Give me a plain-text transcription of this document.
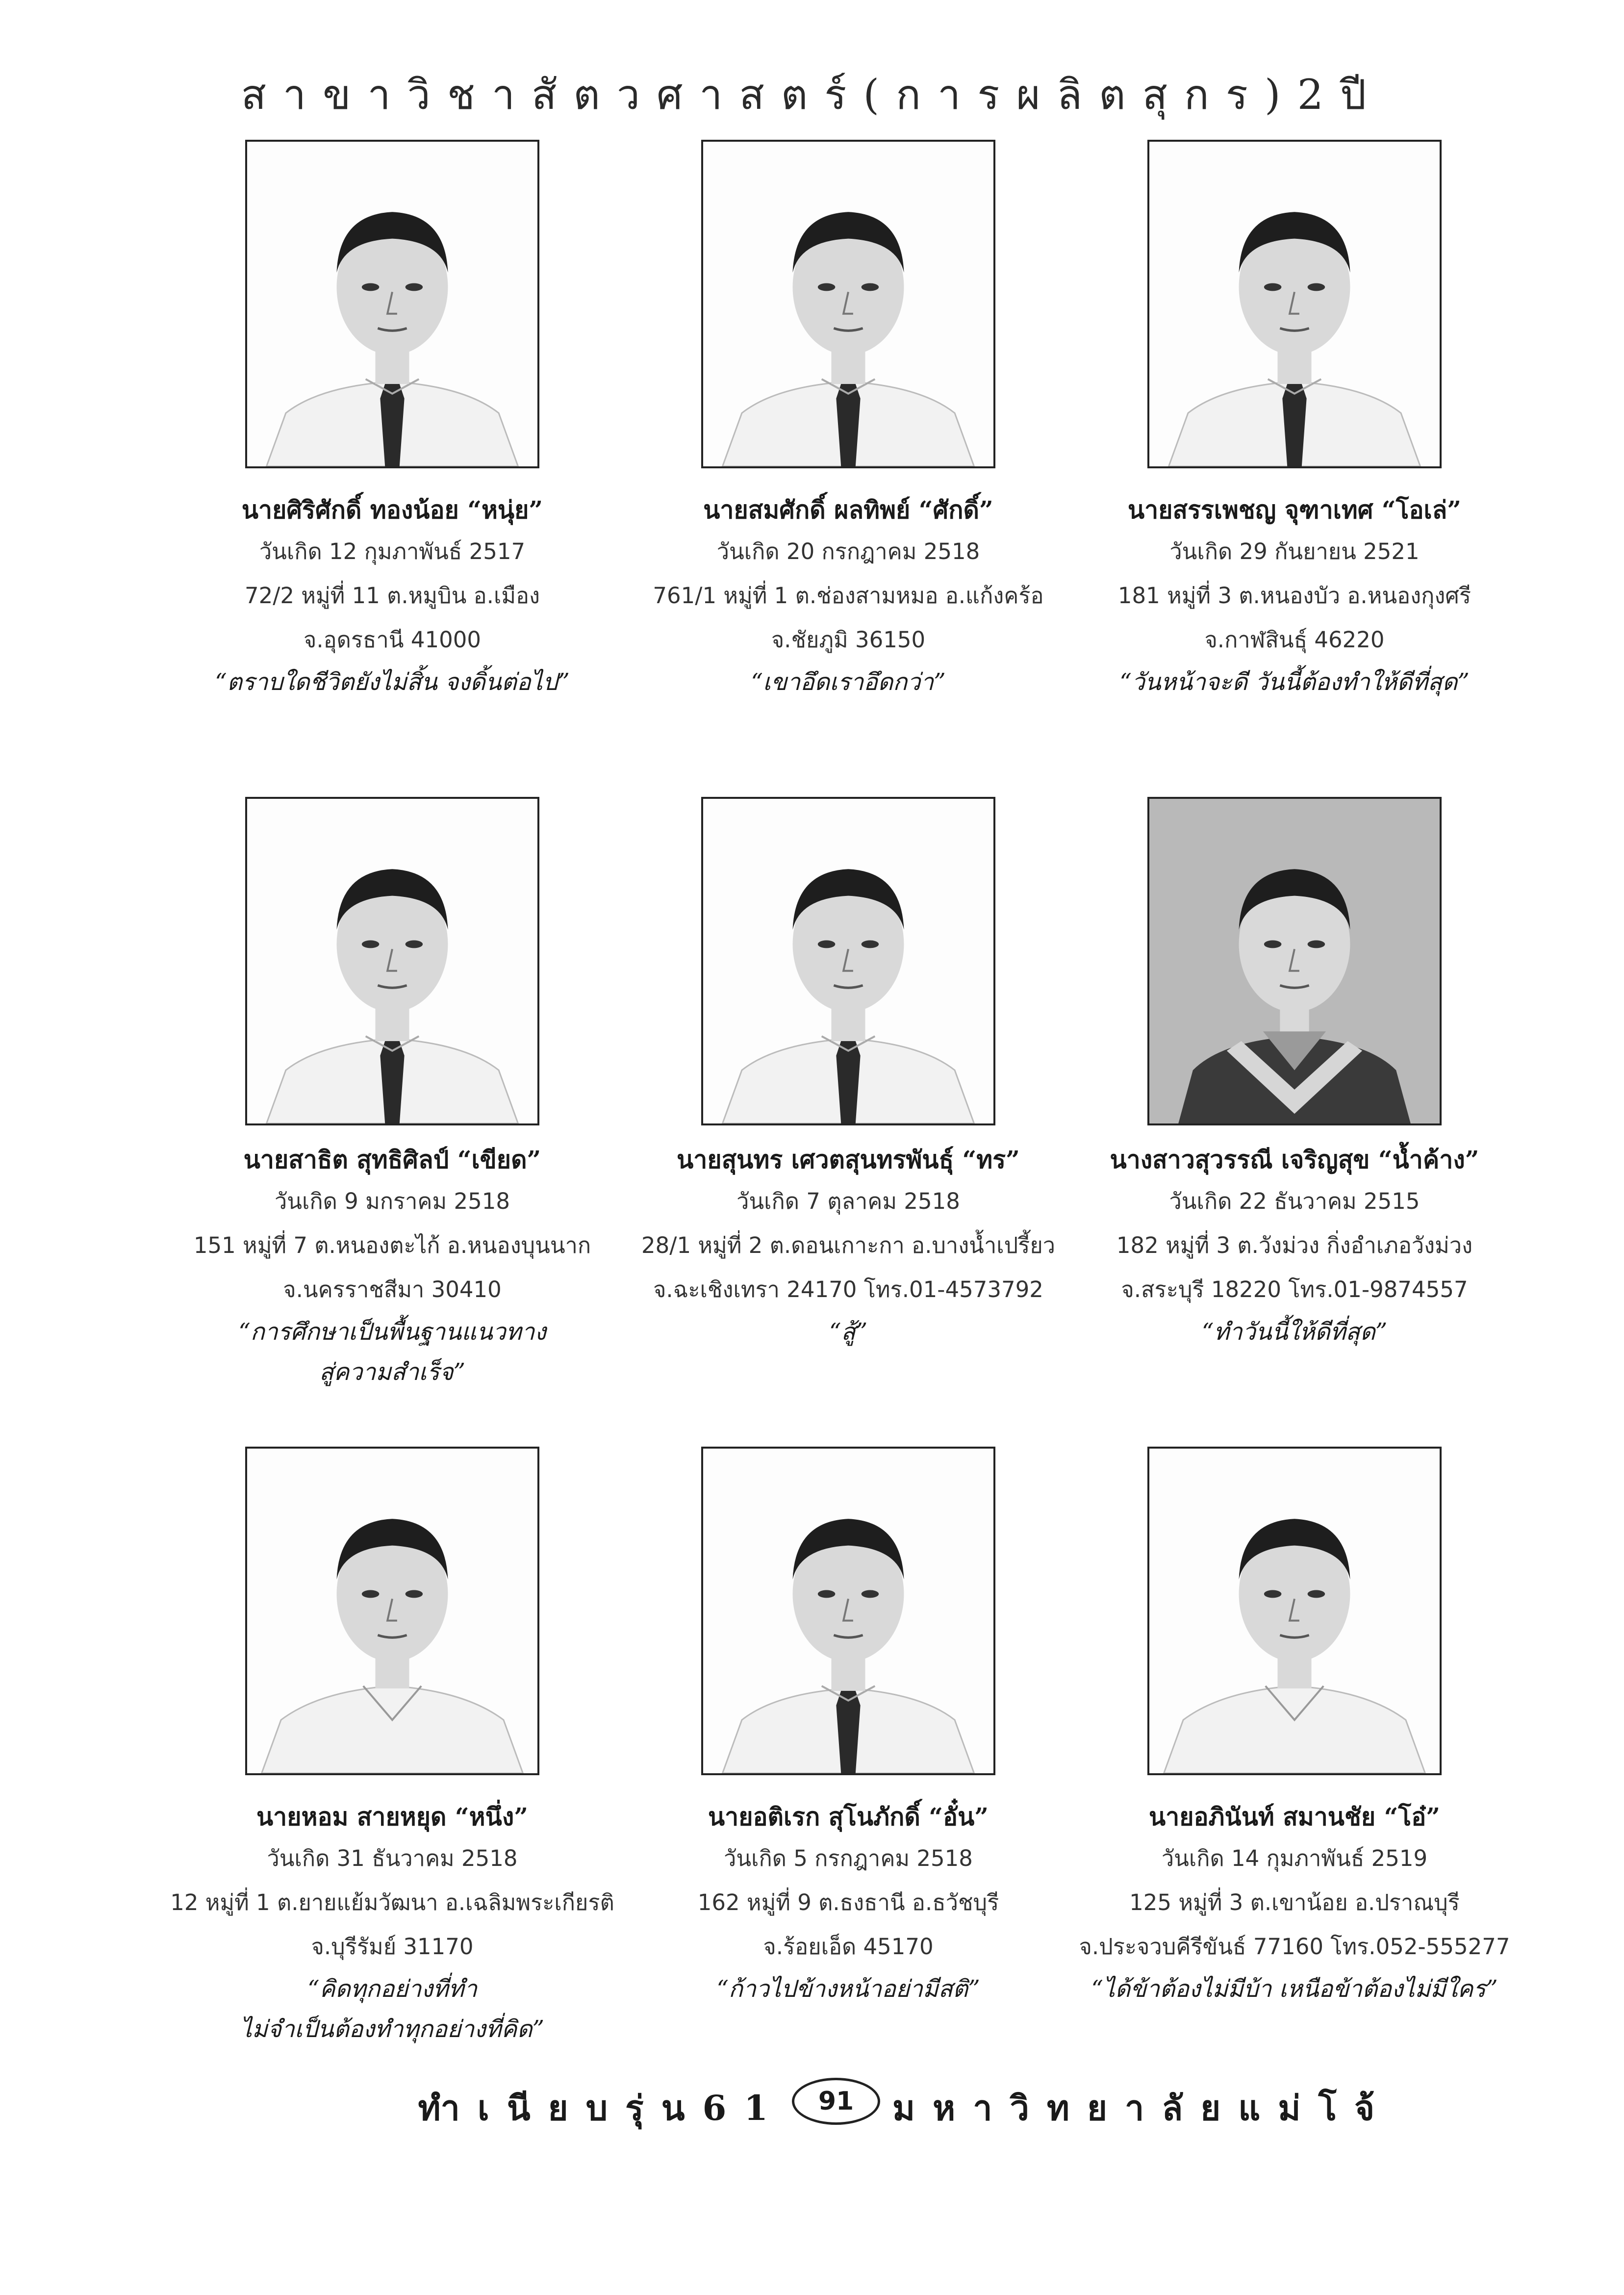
สาขาวิชาสัตวศาสตร์(การผลิตสุกร)2ปี
นายศิริศักดิ์ ทองน้อย “หนุ่ย”
วันเกิด 12 กุมภาพันธ์ 2517
72/2 หมู่ที่ 11 ต.หมูบิน อ.เมือง
จ.อุดรธานี 41000
“ตราบใดชีวิตยังไม่สิ้น จงดิ้นต่อไป”
นายสมศักดิ์ ผลทิพย์ “ศักดิ์”
วันเกิด 20 กรกฎาคม 2518
761/1 หมู่ที่ 1 ต.ช่องสามหมอ อ.แก้งคร้อ
จ.ชัยภูมิ 36150
“เขาอึดเราอึดกว่า”
นายสรรเพชญ จุฑาเทศ “โอเล่”
วันเกิด 29 กันยายน 2521
181 หมู่ที่ 3 ต.หนองบัว อ.หนองกุงศรี
จ.กาฬสินธุ์ 46220
“วันหน้าจะดี วันนี้ต้องทำให้ดีที่สุด”
นายสาธิต สุทธิศิลป์ “เขียด”
วันเกิด 9 มกราคม 2518
151 หมู่ที่ 7 ต.หนองตะไก้ อ.หนองบุนนาก
จ.นครราชสีมา 30410
“การศึกษาเป็นพื้นฐานแนวทาง
สู่ความสำเร็จ”
นายสุนทร เศวตสุนทรพันธุ์ “ทร”
วันเกิด 7 ตุลาคม 2518
28/1 หมู่ที่ 2 ต.ดอนเกาะกา อ.บางน้ำเปรี้ยว
จ.ฉะเชิงเทรา 24170 โทร.01-4573792
“สู้”
นางสาวสุวรรณี เจริญสุข “น้ำค้าง”
วันเกิด 22 ธันวาคม 2515
182 หมู่ที่ 3 ต.วังม่วง กิ่งอำเภอวังม่วง
จ.สระบุรี 18220 โทร.01-9874557
“ทำวันนี้ให้ดีที่สุด”
นายหอม สายหยุด “หนึ่ง”
วันเกิด 31 ธันวาคม 2518
12 หมู่ที่ 1 ต.ยายแย้มวัฒนา อ.เฉลิมพระเกียรติ
จ.บุรีรัมย์ 31170
“คิดทุกอย่างที่ทำ
ไม่จำเป็นต้องทำทุกอย่างที่คิด”
นายอติเรก สุโนภักดิ์ “อั๋น”
วันเกิด 5 กรกฎาคม 2518
162 หมู่ที่ 9 ต.ธงธานี อ.ธวัชบุรี
จ.ร้อยเอ็ด 45170
“ก้าวไปข้างหน้าอย่ามีสติ”
นายอภินันท์ สมานชัย “โอ๋”
วันเกิด 14 กุมภาพันธ์ 2519
125 หมู่ที่ 3 ต.เขาน้อย อ.ปราณบุรี
จ.ประจวบคีรีขันธ์ 77160 โทร.052-555277
“ได้ข้าต้องไม่มีบ้า เหนือข้าต้องไม่มีใคร”
ทำเนียบรุ่น61	91	มหาวิทยาลัยแม่โจ้
